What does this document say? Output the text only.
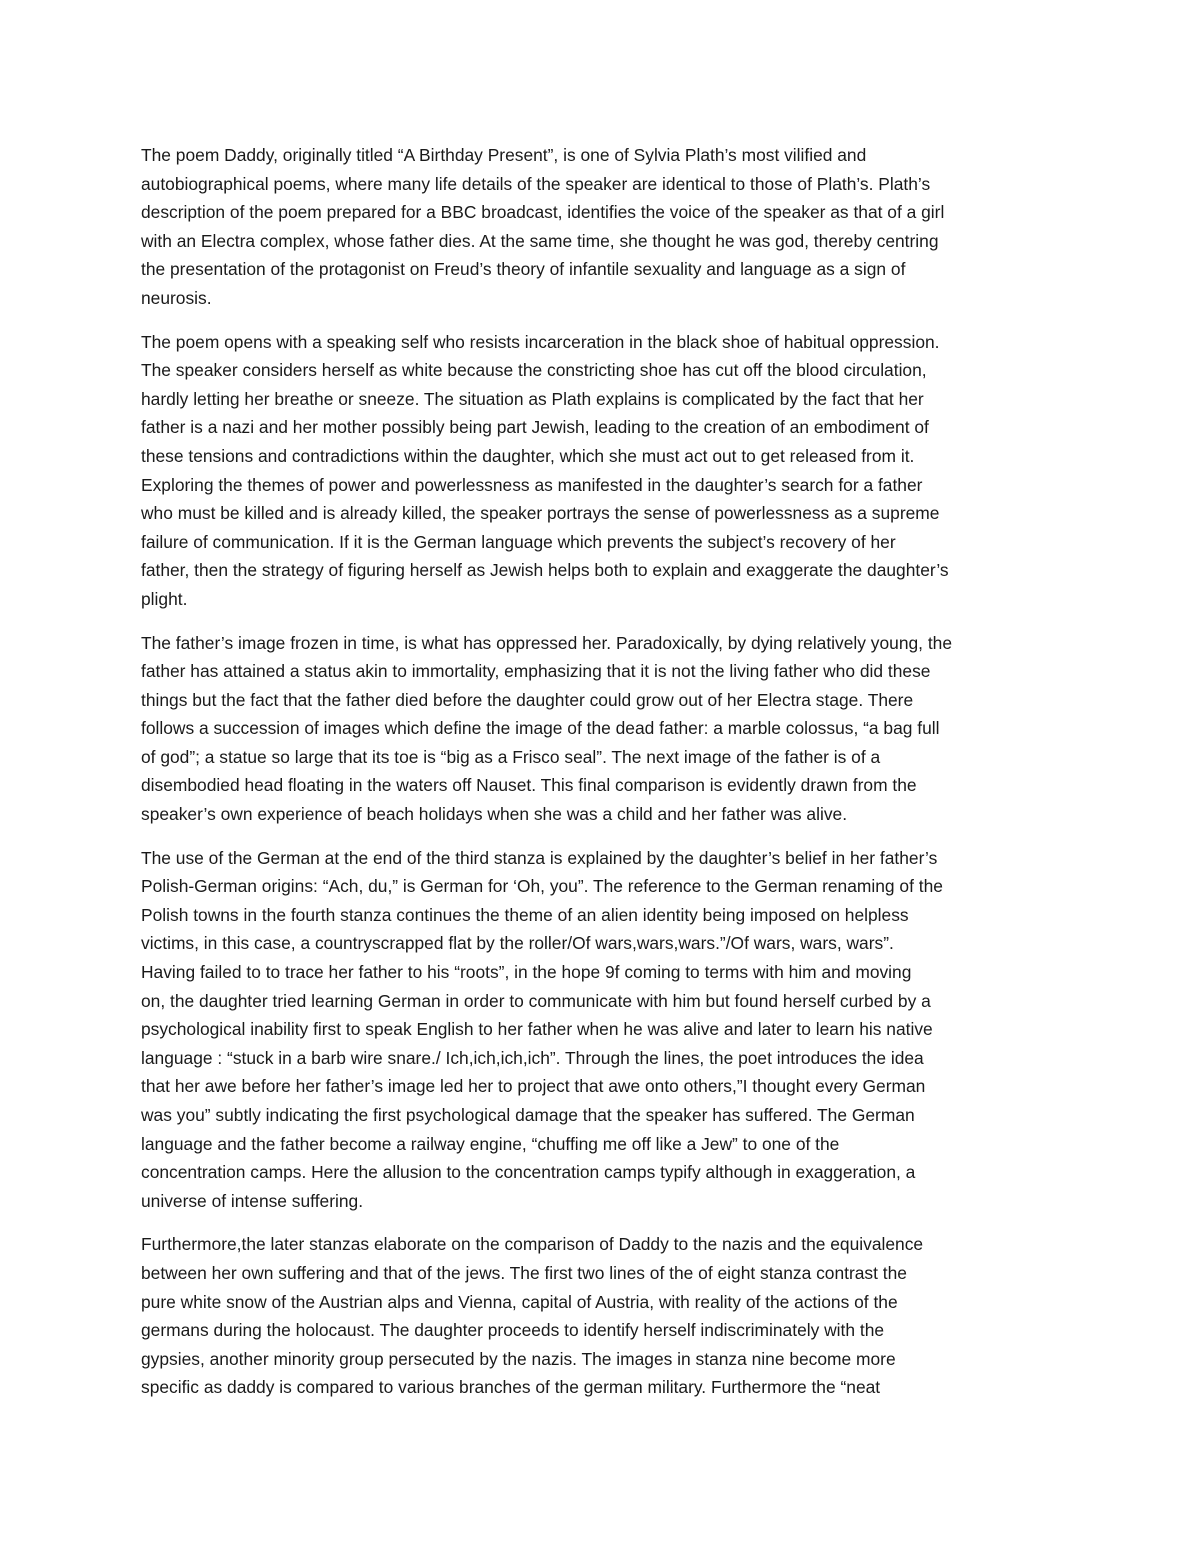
The poem Daddy, originally titled “A Birthday Present”, is one of Sylvia Plath’s most vilified and
autobiographical poems, where many life details of the speaker are identical to those of Plath’s. Plath’s
description of the poem prepared for a BBC broadcast, identifies the voice of the speaker as that of a girl
with an Electra complex, whose father dies. At the same time, she thought he was god, thereby centring
the presentation of the protagonist on Freud’s theory of infantile sexuality and language as a sign of
neurosis.

The poem opens with a speaking self who resists incarceration in the black shoe of habitual oppression.
The speaker considers herself as white because the constricting shoe has cut off the blood circulation,
hardly letting her breathe or sneeze. The situation as Plath explains is complicated by the fact that her
father is a nazi and her mother possibly being part Jewish, leading to the creation of an embodiment of
these tensions and contradictions within the daughter, which she must act out to get released from it.
Exploring the themes of power and powerlessness as manifested in the daughter’s search for a father
who must be killed and is already killed, the speaker portrays the sense of powerlessness as a supreme
failure of communication. If it is the German language which prevents the subject’s recovery of her
father, then the strategy of figuring herself as Jewish helps both to explain and exaggerate the daughter’s
plight.

The father’s image frozen in time, is what has oppressed her. Paradoxically, by dying relatively young, the
father has attained a status akin to immortality, emphasizing that it is not the living father who did these
things but the fact that the father died before the daughter could grow out of her Electra stage. There
follows a succession of images which define the image of the dead father: a marble colossus, “a bag full
of god”; a statue so large that its toe is “big as a Frisco seal”. The next image of the father is of a
disembodied head floating in the waters off Nauset. This final comparison is evidently drawn from the
speaker’s own experience of beach holidays when she was a child and her father was alive.

The use of the German at the end of the third stanza is explained by the daughter’s belief in her father’s
Polish-German origins: “Ach, du,” is German for ‘Oh, you”. The reference to the German renaming of the
Polish towns in the fourth stanza continues the theme of an alien identity being imposed on helpless
victims, in this case, a countryscrapped flat by the roller/Of wars,wars,wars.”/Of wars, wars, wars”.
Having failed to to trace her father to his “roots”, in the hope 9f coming to terms with him and moving
on, the daughter tried learning German in order to communicate with him but found herself curbed by a
psychological inability first to speak English to her father when he was alive and later to learn his native
language : “stuck in a barb wire snare./ Ich,ich,ich,ich”. Through the lines, the poet introduces the idea
that her awe before her father’s image led her to project that awe onto others,”I thought every German
was you” subtly indicating the first psychological damage that the speaker has suffered. The German
language and the father become a railway engine, “chuffing me off like a Jew” to one of the
concentration camps. Here the allusion to the concentration camps typify although in exaggeration, a
universe of intense suffering.

Furthermore,the later stanzas elaborate on the comparison of Daddy to the nazis and the equivalence
between her own suffering and that of the jews. The first two lines of the of eight stanza contrast the
pure white snow of the Austrian alps and Vienna, capital of Austria, with reality of the actions of the
germans during the holocaust. The daughter proceeds to identify herself indiscriminately with the
gypsies, another minority group persecuted by the nazis. The images in stanza nine become more
specific as daddy is compared to various branches of the german military. Furthermore the “neat
